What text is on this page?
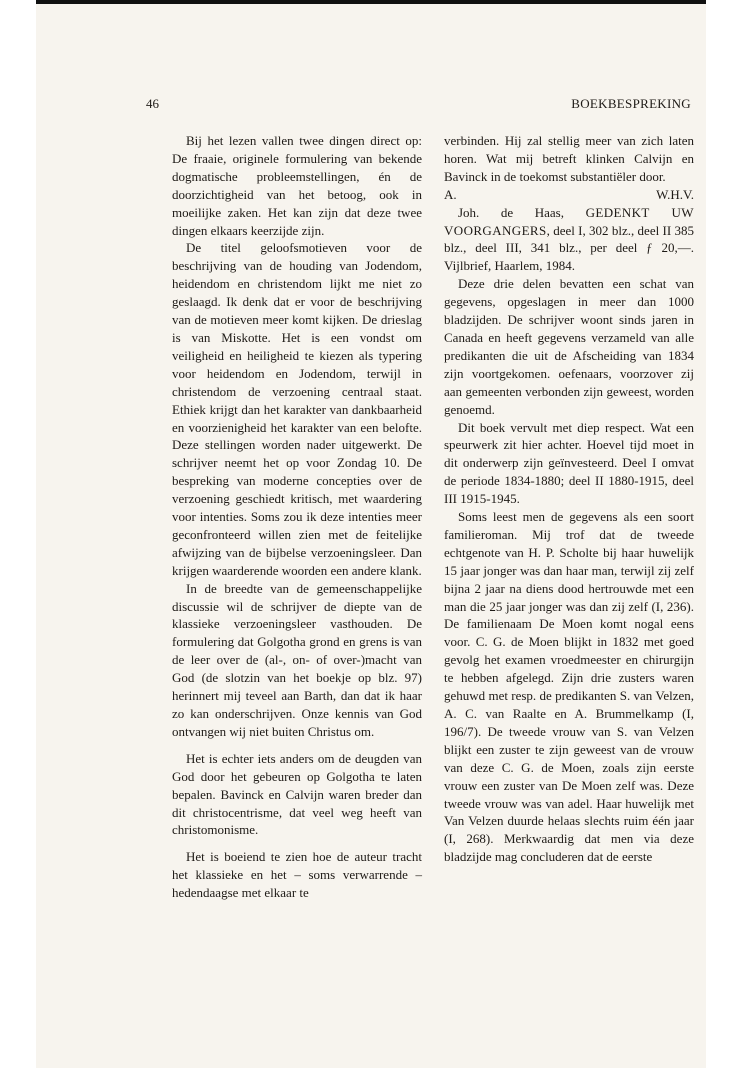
46	BOEKBESPREKING

Bij het lezen vallen twee dingen direct op: De fraaie, originele formulering van bekende dogmatische probleemstellingen, én de doorzichtigheid van het betoog, ook in moeilijke zaken. Het kan zijn dat deze twee dingen elkaars keerzijde zijn.

De titel geloofsmotieven voor de beschrijving van de houding van Jodendom, heidendom en christendom lijkt me niet zo geslaagd. Ik denk dat er voor de beschrijving van de motieven meer komt kijken. De drieslag is van Miskotte. Het is een vondst om veiligheid en heiligheid te kiezen als typering voor heidendom en Jodendom, terwijl in christendom de verzoening centraal staat. Ethiek krijgt dan het karakter van dankbaarheid en voorzienigheid het karakter van een belofte. Deze stellingen worden nader uitgewerkt. De schrijver neemt het op voor Zondag 10. De bespreking van moderne concepties over de verzoening geschiedt kritisch, met waardering voor intenties. Soms zou ik deze intenties meer geconfronteerd willen zien met de feitelijke afwijzing van de bijbelse verzoeningsleer. Dan krijgen waarderende woorden een andere klank.

In de breedte van de gemeenschappelijke discussie wil de schrijver de diepte van de klassieke verzoeningsleer vasthouden. De formulering dat Golgotha grond en grens is van de leer over de (al-, on- of over-)macht van God (de slotzin van het boekje op blz. 97) herinnert mij teveel aan Barth, dan dat ik haar zo kan onderschrijven. Onze kennis van God ontvangen wij niet buiten Christus om.

Het is echter iets anders om de deugden van God door het gebeuren op Golgotha te laten bepalen. Bavinck en Calvijn waren breder dan dit christocentrisme, dat veel weg heeft van christomonisme.

Het is boeiend te zien hoe de auteur tracht het klassieke en het – soms verwarrende – hedendaagse met elkaar te

verbinden. Hij zal stellig meer van zich laten horen. Wat mij betreft klinken Calvijn en Bavinck in de toekomst substantiëler door.

A.	W.H.V.

Joh. de Haas, GEDENKT UW VOORGANGERS, deel I, 302 blz., deel II 385 blz., deel III, 341 blz., per deel ƒ 20,—. Vijlbrief, Haarlem, 1984.

Deze drie delen bevatten een schat van gegevens, opgeslagen in meer dan 1000 bladzijden. De schrijver woont sinds jaren in Canada en heeft gegevens verzameld van alle predikanten die uit de Afscheiding van 1834 zijn voortgekomen. oefenaars, voorzover zij aan gemeenten verbonden zijn geweest, worden genoemd.

Dit boek vervult met diep respect. Wat een speurwerk zit hier achter. Hoevel tijd moet in dit onderwerp zijn geïnvesteerd. Deel I omvat de periode 1834-1880; deel II 1880-1915, deel III 1915-1945.

Soms leest men de gegevens als een soort familieroman. Mij trof dat de tweede echtgenote van H. P. Scholte bij haar huwelijk 15 jaar jonger was dan haar man, terwijl zij zelf bijna 2 jaar na diens dood hertrouwde met een man die 25 jaar jonger was dan zij zelf (I, 236). De familienaam De Moen komt nogal eens voor. C. G. de Moen blijkt in 1832 met goed gevolg het examen vroedmeester en chirurgijn te hebben afgelegd. Zijn drie zusters waren gehuwd met resp. de predikanten S. van Velzen, A. C. van Raalte en A. Brummelkamp (I, 196/7). De tweede vrouw van S. van Velzen blijkt een zuster te zijn geweest van de vrouw van deze C. G. de Moen, zoals zijn eerste vrouw een zuster van De Moen zelf was. Deze tweede vrouw was van adel. Haar huwelijk met Van Velzen duurde helaas slechts ruim één jaar (I, 268). Merkwaardig dat men via deze bladzijde mag concluderen dat de eerste
